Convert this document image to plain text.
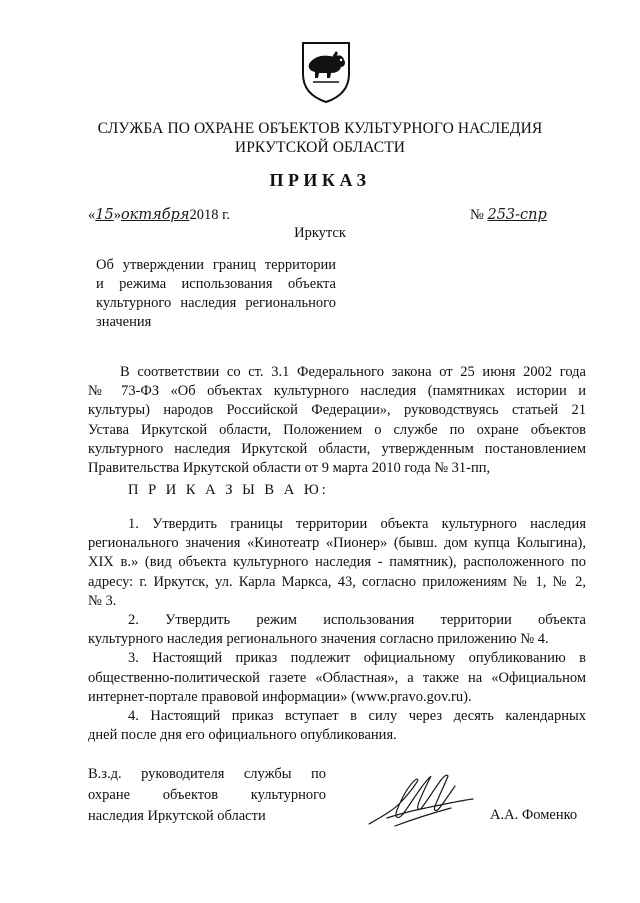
СЛУЖБА ПО ОХРАНЕ ОБЪЕКТОВ КУЛЬТУРНОГО НАСЛЕДИЯ
ИРКУТСКОЙ ОБЛАСТИ
ПРИКАЗ
«15»октября2018 г.	№ 253-спр
Иркутск
Об утверждении границ территории
и режима использования объекта
культурного наследия регионального
значения
В соответствии со ст. 3.1 Федерального закона от 25 июня 2002 года
№ 73-ФЗ «Об объектах культурного наследия (памятниках истории и
культуры) народов Российской Федерации», руководствуясь статьей 21
Устава Иркутской области, Положением о службе по охране объектов
культурного наследия Иркутской области, утвержденным постановлением
Правительства Иркутской области от 9 марта 2010 года № 31-пп,
П Р И К А З Ы В А Ю:
1. Утвердить границы территории объекта культурного наследия
регионального значения «Кинотеатр «Пионер» (бывш. дом купца Колыгина),
XIX в.» (вид объекта культурного наследия - памятник), расположенного по
адресу: г. Иркутск, ул. Карла Маркса, 43, согласно приложениям № 1, № 2,
№ 3.
2. Утвердить режим использования территории объекта
культурного наследия регионального значения согласно приложению № 4.
3. Настоящий приказ подлежит официальному опубликованию в
общественно-политической газете «Областная», а также на «Официальном
интернет-портале правовой информации» (www.pravo.gov.ru).
4. Настоящий приказ вступает в силу через десять календарных
дней после дня его официального опубликования.
В.з.д. руководителя службы по
охране объектов культурного
наследия Иркутской области	А.А. Фоменко
